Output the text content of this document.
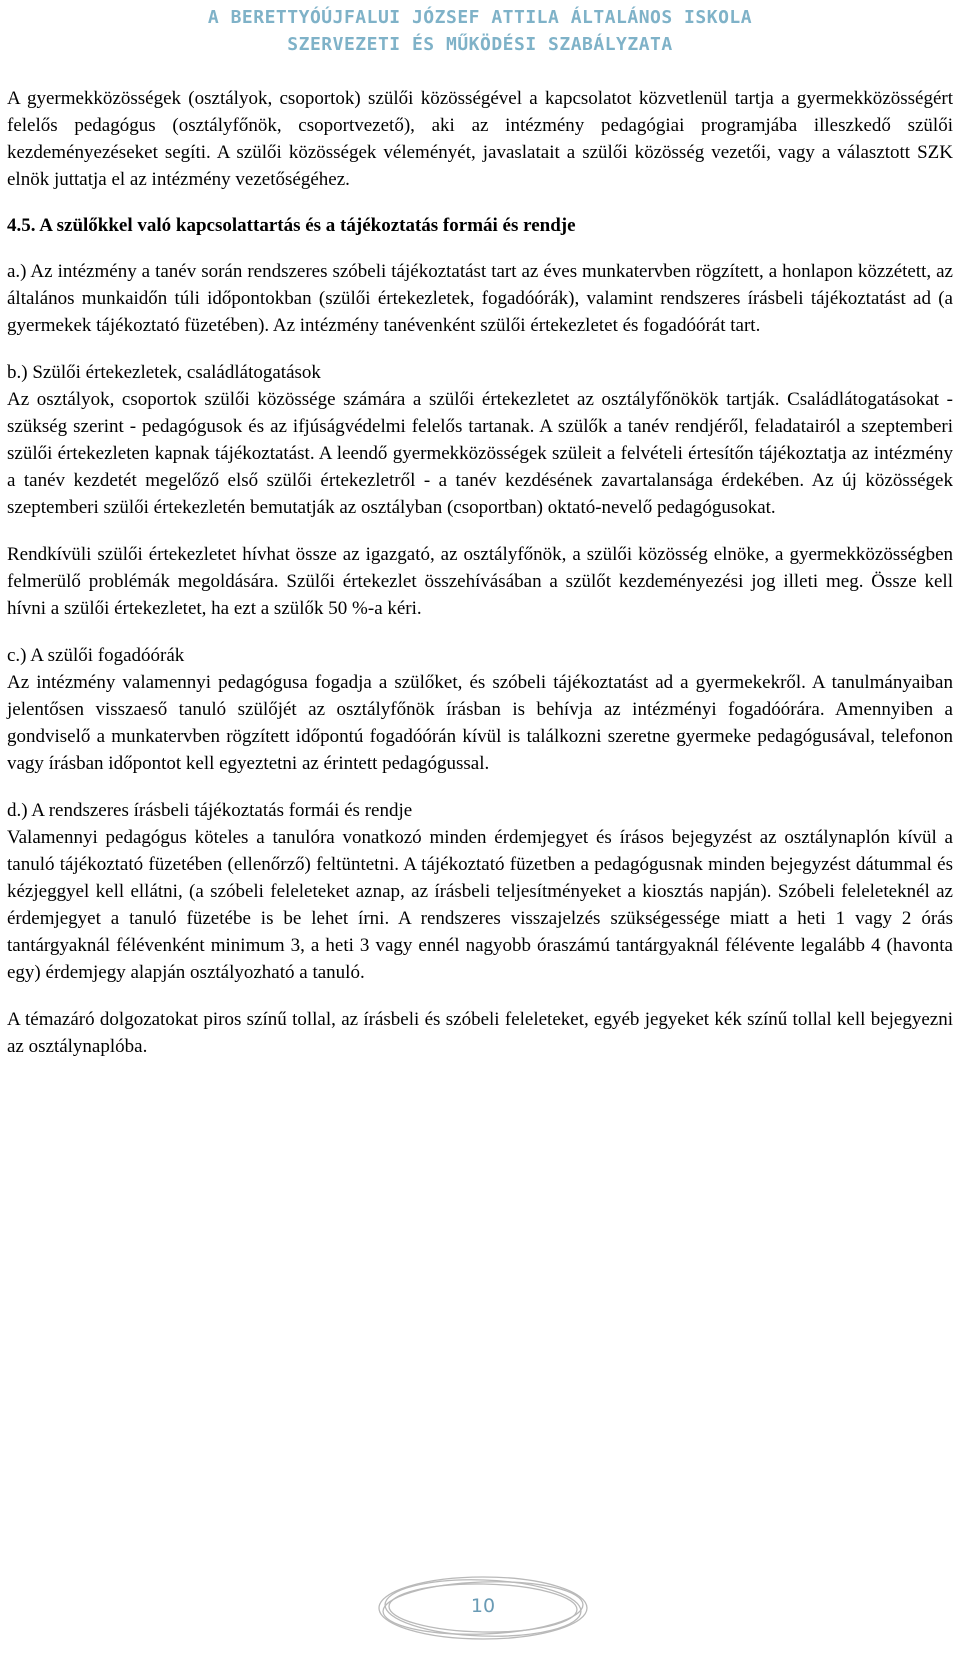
A BERETTYÓÚJFALUI JÓZSEF ATTILA ÁLTALÁNOS ISKOLA
SZERVEZETI ÉS MŰKÖDÉSI SZABÁLYZATA

A gyermekközösségek (osztályok, csoportok) szülői közösségével a kapcsolatot közvetlenül tartja a gyermekközösségért felelős pedagógus (osztályfőnök, csoportvezető), aki az intézmény pedagógiai programjába illeszkedő szülői kezdeményezéseket segíti. A szülői közösségek véleményét, javaslatait a szülői közösség vezetői, vagy a választott SZK elnök juttatja el az intézmény vezetőségéhez.

4.5. A szülőkkel való kapcsolattartás és a tájékoztatás formái és rendje

a.) Az intézmény a tanév során rendszeres szóbeli tájékoztatást tart az éves munkatervben rögzített, a honlapon közzétett, az általános munkaidőn túli időpontokban (szülői értekezletek, fogadóórák), valamint rendszeres írásbeli tájékoztatást ad (a gyermekek tájékoztató füzetében). Az intézmény tanévenként szülői értekezletet és fogadóórát tart.

b.) Szülői értekezletek, családlátogatások

Az osztályok, csoportok szülői közössége számára a szülői értekezletet az osztályfőnökök tartják. Családlátogatásokat - szükség szerint - pedagógusok és az ifjúságvédelmi felelős tartanak. A szülők a tanév rendjéről, feladatairól a szeptemberi szülői értekezleten kapnak tájékoztatást. A leendő gyermekközösségek szüleit a felvételi értesítőn tájékoztatja az intézmény a tanév kezdetét megelőző első szülői értekezletről - a tanév kezdésének zavartalansága érdekében. Az új közösségek szeptemberi szülői értekezletén bemutatják az osztályban (csoportban) oktató-nevelő pedagógusokat.

Rendkívüli szülői értekezletet hívhat össze az igazgató, az osztályfőnök, a szülői közösség elnöke, a gyermekközösségben felmerülő problémák megoldására. Szülői értekezlet összehívásában a szülőt kezdeményezési jog illeti meg. Össze kell hívni a szülői értekezletet, ha ezt a szülők 50 %-a kéri.

c.) A szülői fogadóórák

Az intézmény valamennyi pedagógusa fogadja a szülőket, és szóbeli tájékoztatást ad a gyermekekről. A tanulmányaiban jelentősen visszaeső tanuló szülőjét az osztályfőnök írásban is behívja az intézményi fogadóórára. Amennyiben a gondviselő a munkatervben rögzített időpontú fogadóórán kívül is találkozni szeretne gyermeke pedagógusával, telefonon vagy írásban időpontot kell egyeztetni az érintett pedagógussal.

d.) A rendszeres írásbeli tájékoztatás formái és rendje

Valamennyi pedagógus köteles a tanulóra vonatkozó minden érdemjegyet és írásos bejegyzést az osztálynaplón kívül a tanuló tájékoztató füzetében (ellenőrző) feltüntetni. A tájékoztató füzetben a pedagógusnak minden bejegyzést dátummal és kézjeggyel kell ellátni, (a szóbeli feleleteket aznap, az írásbeli teljesítményeket a kiosztás napján). Szóbeli feleleteknél az érdemjegyet a tanuló füzetébe is be lehet írni. A rendszeres visszajelzés szükségessége miatt a heti 1 vagy 2 órás tantárgyaknál félévenként minimum 3, a heti 3 vagy ennél nagyobb óraszámú tantárgyaknál félévente legalább 4 (havonta egy) érdemjegy alapján osztályozható a tanuló.

A témazáró dolgozatokat piros színű tollal, az írásbeli és szóbeli feleleteket, egyéb jegyeket kék színű tollal kell bejegyezni az osztálynaplóba.

10
